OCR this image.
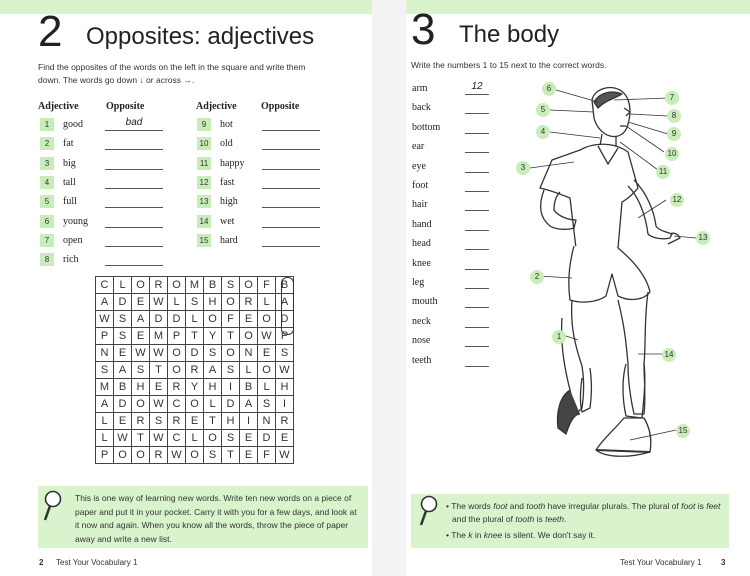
2 Opposites: adjectives
Find the opposites of the words on the left in the square and write them
down. The words go down ↓ or across →.
Adjective	Opposite	Adjective Opposite
1	good	bad
2	fat
3	big
4	tall
5	full
6	young
7	open
8	rich
9	hot
10 old
11 happy
12 fast
13 high
14 wet
15 hard
C	L	O	R	O	M	B	S	O	F	B
A	D	E	W	L	S	H	O	R	L	A
W	S	A	D	D	L	O	F	E	O	D
P	S	E	M	P	T	Y	T	O	W	P
N	E	W	W	O	D	S	O	N	E	S
S	A	S	T	O	R	A	S	L	O	W
M	B	H	E	R	Y	H	I	B	L	H
A	D	O	W	C	O	L	D	A	S	I
L	E	R	S	R	E	T	H	I	N	R
L	W	T	W	C	L	O	S	E	D	E
P	O	O	R	W	O	S	T	E	F	W
This is one way of learning new words. Write ten new words on a piece of
paper and put it in your pocket. Carry it with you for a few days, and look at
it now and again. When you know all the words, throw the piece of paper
away and write a new list.
2 Test Your Vocabulary 1
3 The body
Write the numbers 1 to 15 next to the correct words.
arm	12
back
bottom
ear
eye
foot
hair
hand
head
knee
leg
mouth
neck
nose
teeth
1
2
3
4
5
6
7
8
9
10
11
12
13
14
15
• The words foot and tooth have irregular plurals. The plural of foot is feet
and the plural of tooth is teeth.
• The k in knee is silent. We don't say it.
Test Your Vocabulary 1 3
